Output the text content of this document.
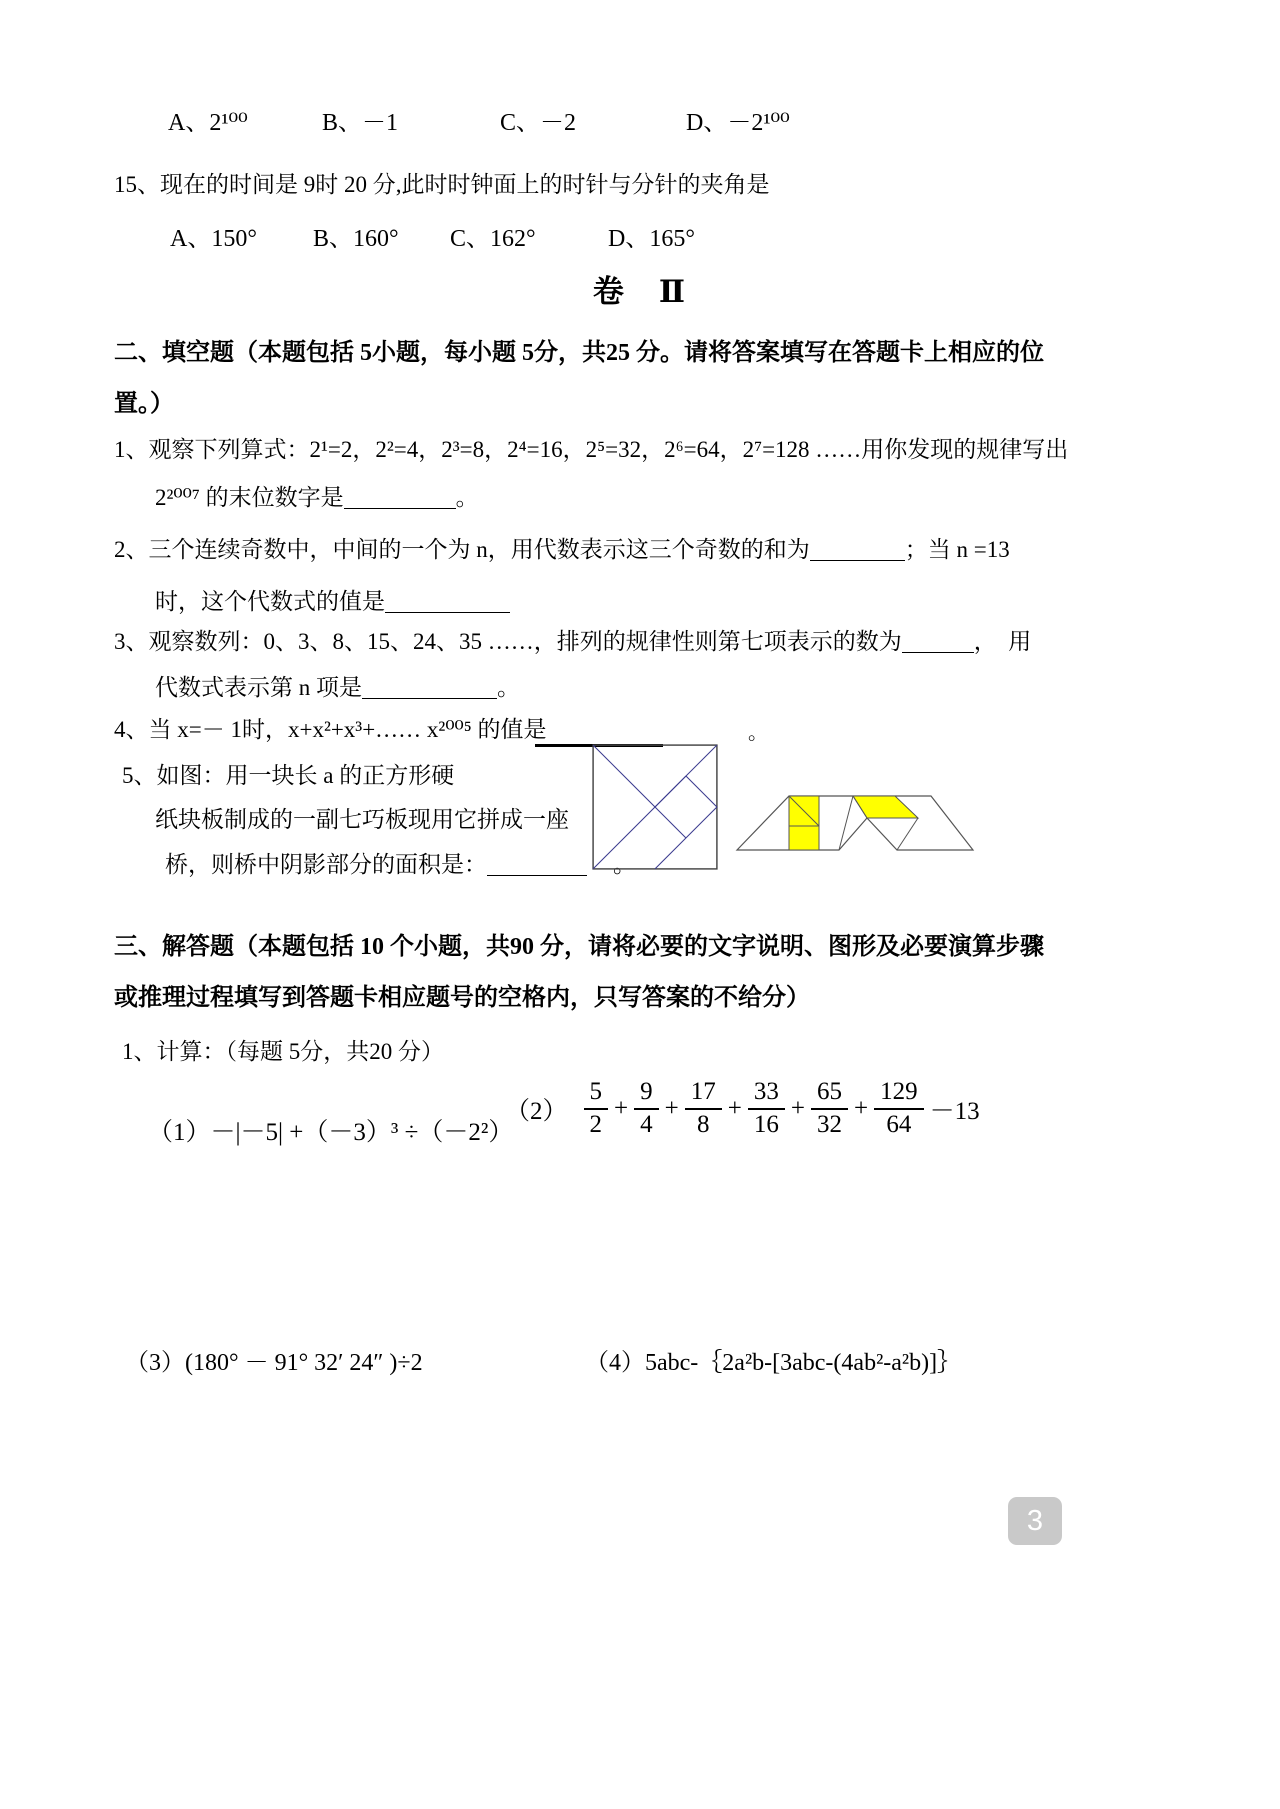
A、2¹⁰⁰	B、－1	C、－2	D、－2¹⁰⁰
15、现在的时间是 9时 20 分,此时时钟面上的时针与分针的夹角是
A、150° B、160° C、162°	D、165°
卷　Ⅱ
二、填空题（本题包括 5小题，每小题 5分，共25 分。请将答案填写在答题卡上相应的位
置。）
1、观察下列算式：2¹=2，2²=4，2³=8，2⁴=16，2⁵=32，2⁶=64，2⁷=128 ……用你发现的规律写出
2²⁰⁰⁷ 的末位数字是	。
2、三个连续奇数中，中间的一个为 n，用代数表示这三个奇数的和为	；当 n =13
时，这个代数式的值是
3、观察数列：0、3、8、15、24、35 ……，排列的规律性则第七项表示的数为	，　用
代数式表示第 n 项是	。
4、当 x=－ 1时，x+x²+x³+…… x²⁰⁰⁵ 的值是	。
5、如图：用一块长 a 的正方形硬
纸块板制成的一副七巧板现用它拼成一座
桥，则桥中阴影部分的面积是：	。
三、解答题（本题包括 10 个小题，共90 分，请将必要的文字说明、图形及必要演算步骤
或推理过程填写到答题卡相应题号的空格内，只写答案的不给分）
1、计算：（每题 5分，共20 分）
（1）－|－5| +（－3）³ ÷（－2²）
$(2) \frac{5}{2} + \frac{9}{4} + \frac{17}{8} + \frac{33}{16} + \frac{65}{32} + \frac{129}{64} -13$
（3）(180° － 91° 32′ 24″ )÷2	（4）5abc-｛2a²b-[3abc-(4ab²-a²b)]｝
3
